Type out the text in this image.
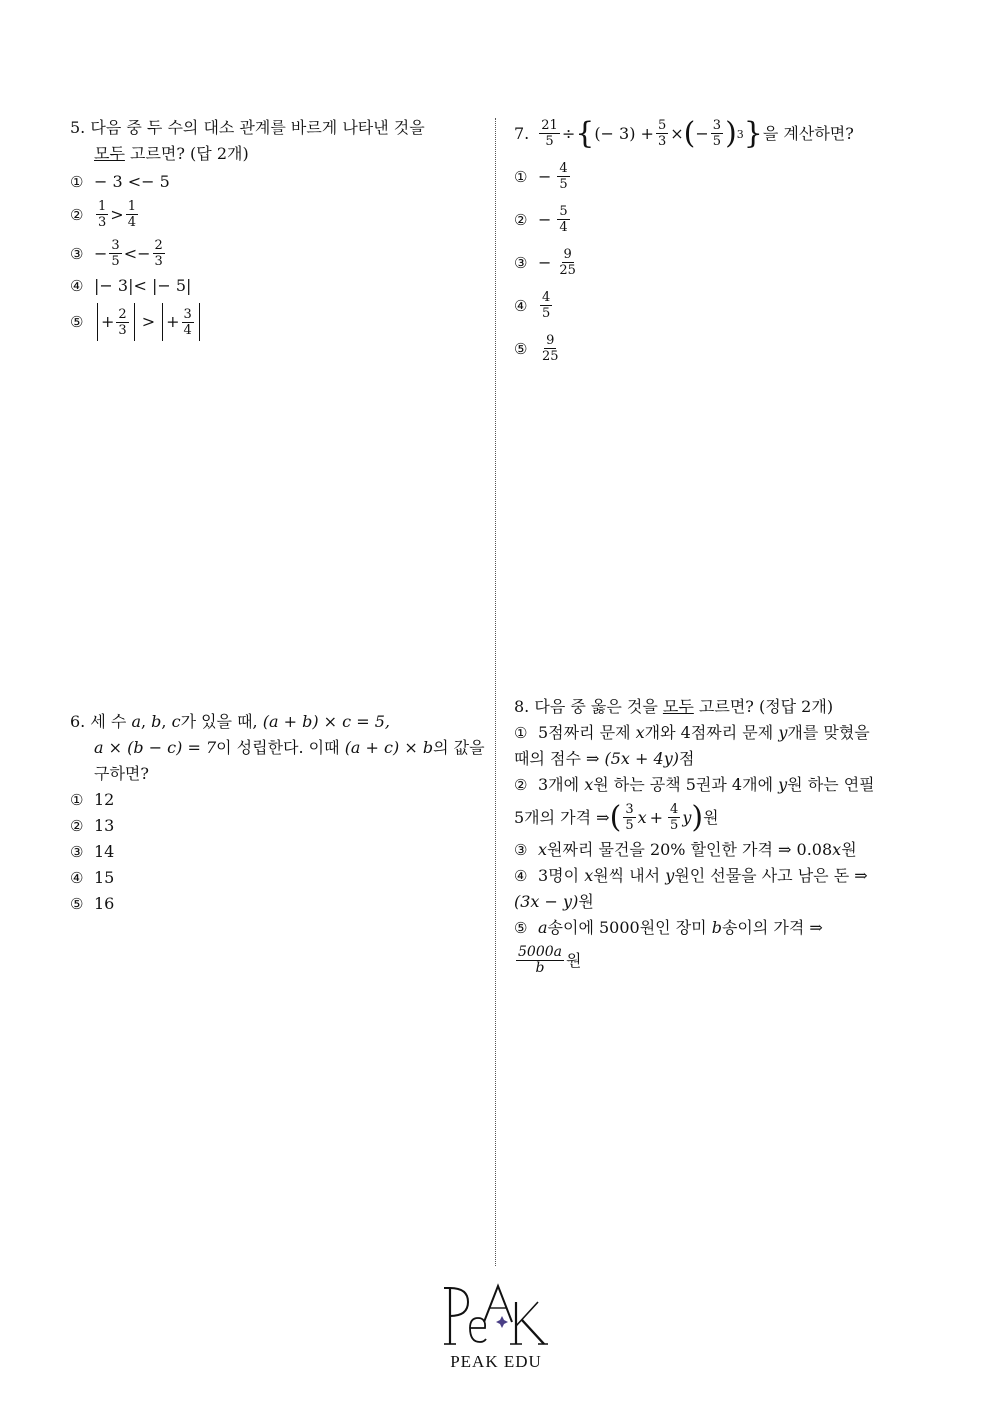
5. 다음 중 두 수의 대소 관계를 바르게 나타낸 것을
모두 고르면? (답 2개)
① − 3 <− 5
② $\frac{1}{3} > \frac{1}{4}$
③ − $\frac{3}{5} <- \frac{2}{3}$
④ |− 3|< |− 5|
⑤	+ $\frac{2}{3}$ > + $\frac{3}{4}$
6. 세 수 a, b, c가 있을 때, (a + b) × c = 5,
a × (b − c) = 7이 성립한다. 이때 (a + c) × b의 값을
구하면?
① 12
② 13
③ 14
④ 15
⑤ 16
7. $\frac{21}{5}$ ÷ { (− $3) + \frac{5}{3}$ × ( − $\frac{3}{5}$ ) 3 } 을 계산하면?
① − $\frac{4}{5}$
② − $\frac{5}{4}$
③ − $\frac{9}{25}$
④ $\frac{4}{5}$
⑤ $\frac{9}{25}$
8. 다음 중 옳은 것을 모두 고르면? (정답 2개)
① 5점짜리 문제 x개와 4점짜리 문제 y개를 맞혔을
때의 점수 ⇒ (5x + 4y)점
② 3개에 x원 하는 공책 5권과 4개에 y원 하는 연필
5개의 가격 ⇒ ( $\frac{3}{5}$ $x + \frac{4}{5}$ y ) 원
③ x원짜리 물건을 20% 할인한 가격 ⇒ 0.08x원
④ 3명이 x원씩 내서 y원인 선물을 사고 남은 돈 ⇒
(3x − y)원
⑤ a송이에 5000원인 장미 b송이의 가격 ⇒
$\frac{5000a}{b}$ 원
PEAK EDU
